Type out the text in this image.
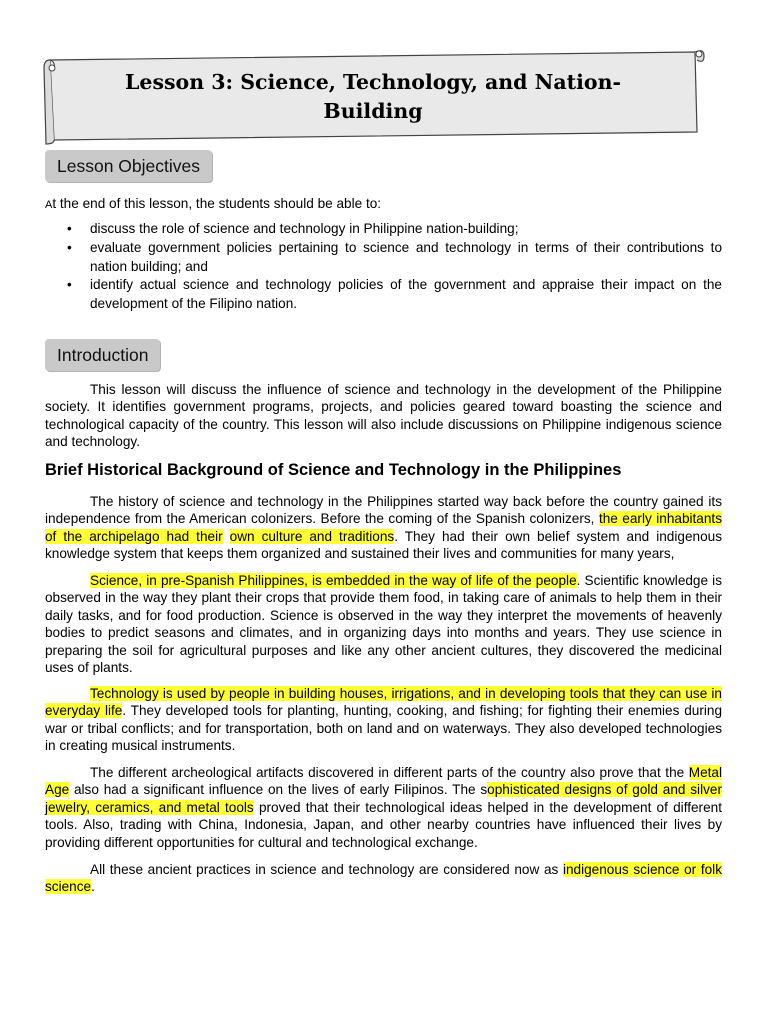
Lesson 3: Science, Technology, and Nation-
Building
Lesson Objectives

At the end of this lesson, the students should be able to:

• discuss the role of science and technology in Philippine nation-building;
• evaluate government policies pertaining to science and technology in terms of their contributions to nation building; and
• identify actual science and technology policies of the government and appraise their impact on the development of the Filipino nation.
Introduction

This lesson will discuss the influence of science and technology in the development of the Philippine society. It identifies government programs, projects, and policies geared toward boasting the science and technological capacity of the country. This lesson will also include discussions on Philippine indigenous science and technology.

Brief Historical Background of Science and Technology in the Philippines

The history of science and technology in the Philippines started way back before the country gained its independence from the American colonizers. Before the coming of the Spanish colonizers, the early inhabitants of the archipelago had their own culture and traditions. They had their own belief system and indigenous knowledge system that keeps them organized and sustained their lives and communities for many years,

Science, in pre-Spanish Philippines, is embedded in the way of life of the people. Scientific knowledge is observed in the way they plant their crops that provide them food, in taking care of animals to help them in their daily tasks, and for food production. Science is observed in the way they interpret the movements of heavenly bodies to predict seasons and climates, and in organizing days into months and years. They use science in preparing the soil for agricultural purposes and like any other ancient cultures, they discovered the medicinal uses of plants.

Technology is used by people in building houses, irrigations, and in developing tools that they can use in everyday life. They developed tools for planting, hunting, cooking, and fishing; for fighting their enemies during war or tribal conflicts; and for transportation, both on land and on waterways. They also developed technologies in creating musical instruments.

The different archeological artifacts discovered in different parts of the country also prove that the Metal Age also had a significant influence on the lives of early Filipinos. The sophisticated designs of gold and silver jewelry, ceramics, and metal tools proved that their technological ideas helped in the development of different tools. Also, trading with China, Indonesia, Japan, and other nearby countries have influenced their lives by providing different opportunities for cultural and technological exchange.

All these ancient practices in science and technology are considered now as indigenous science or folk science.
